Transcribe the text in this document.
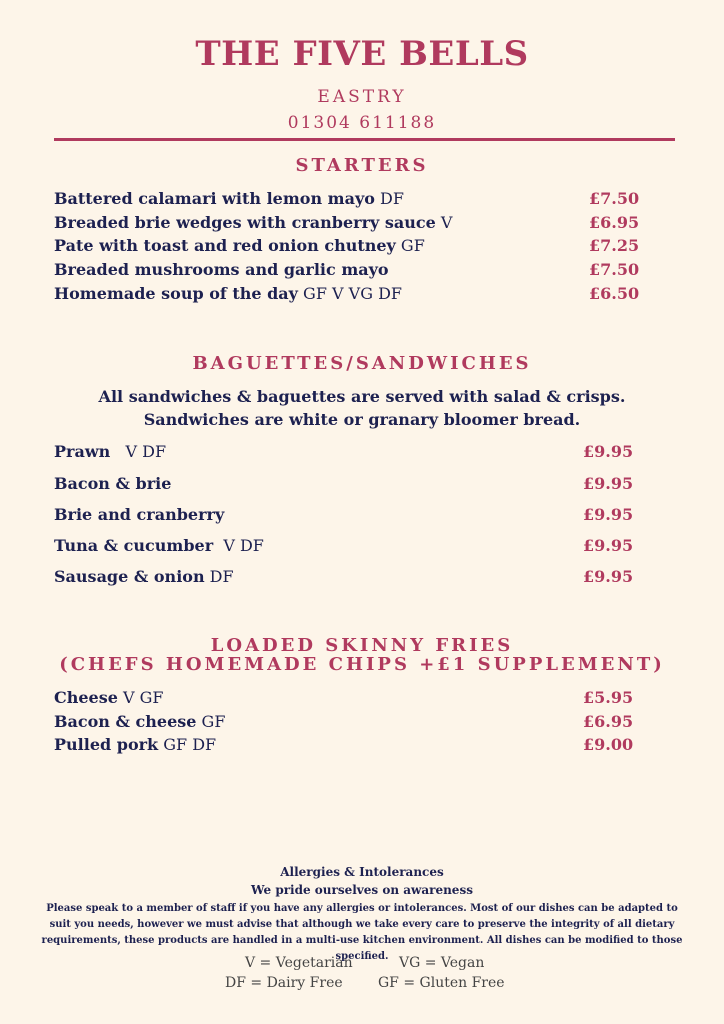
THE FIVE BELLS
EASTRY
01304 611188
STARTERS
Battered calamari with lemon mayo DF	£7.50
Breaded brie wedges with cranberry sauce V	£6.95
Pate with toast and red onion chutney GF	£7.25
Breaded mushrooms and garlic mayo	£7.50
Homemade soup of the day GF V VG DF	£6.50
BAGUETTES/SANDWICHES
All sandwiches & baguettes are served with salad & crisps.
Sandwiches are white or granary bloomer bread.
Prawn   V DF	£9.95
Bacon & brie	£9.95
Brie and cranberry	£9.95
Tuna & cucumber  V DF	£9.95
Sausage & onion DF	£9.95
LOADED SKINNY FRIES
(CHEFS HOMEMADE CHIPS +£1 SUPPLEMENT)
Cheese V GF	£5.95
Bacon & cheese GF	£6.95
Pulled pork GF DF	£9.00
Allergies & Intolerances
We pride ourselves on awareness
Please speak to a member of staff if you have any allergies or intolerances. Most of our dishes can be adapted to suit you needs, however we must advise that although we take every care to preserve the integrity of all dietary requirements, these products are handled in a multi-use kitchen environment. All dishes can be modified to those specified.
V = Vegetarian	VG = Vegan
DF = Dairy Free	GF = Gluten Free
